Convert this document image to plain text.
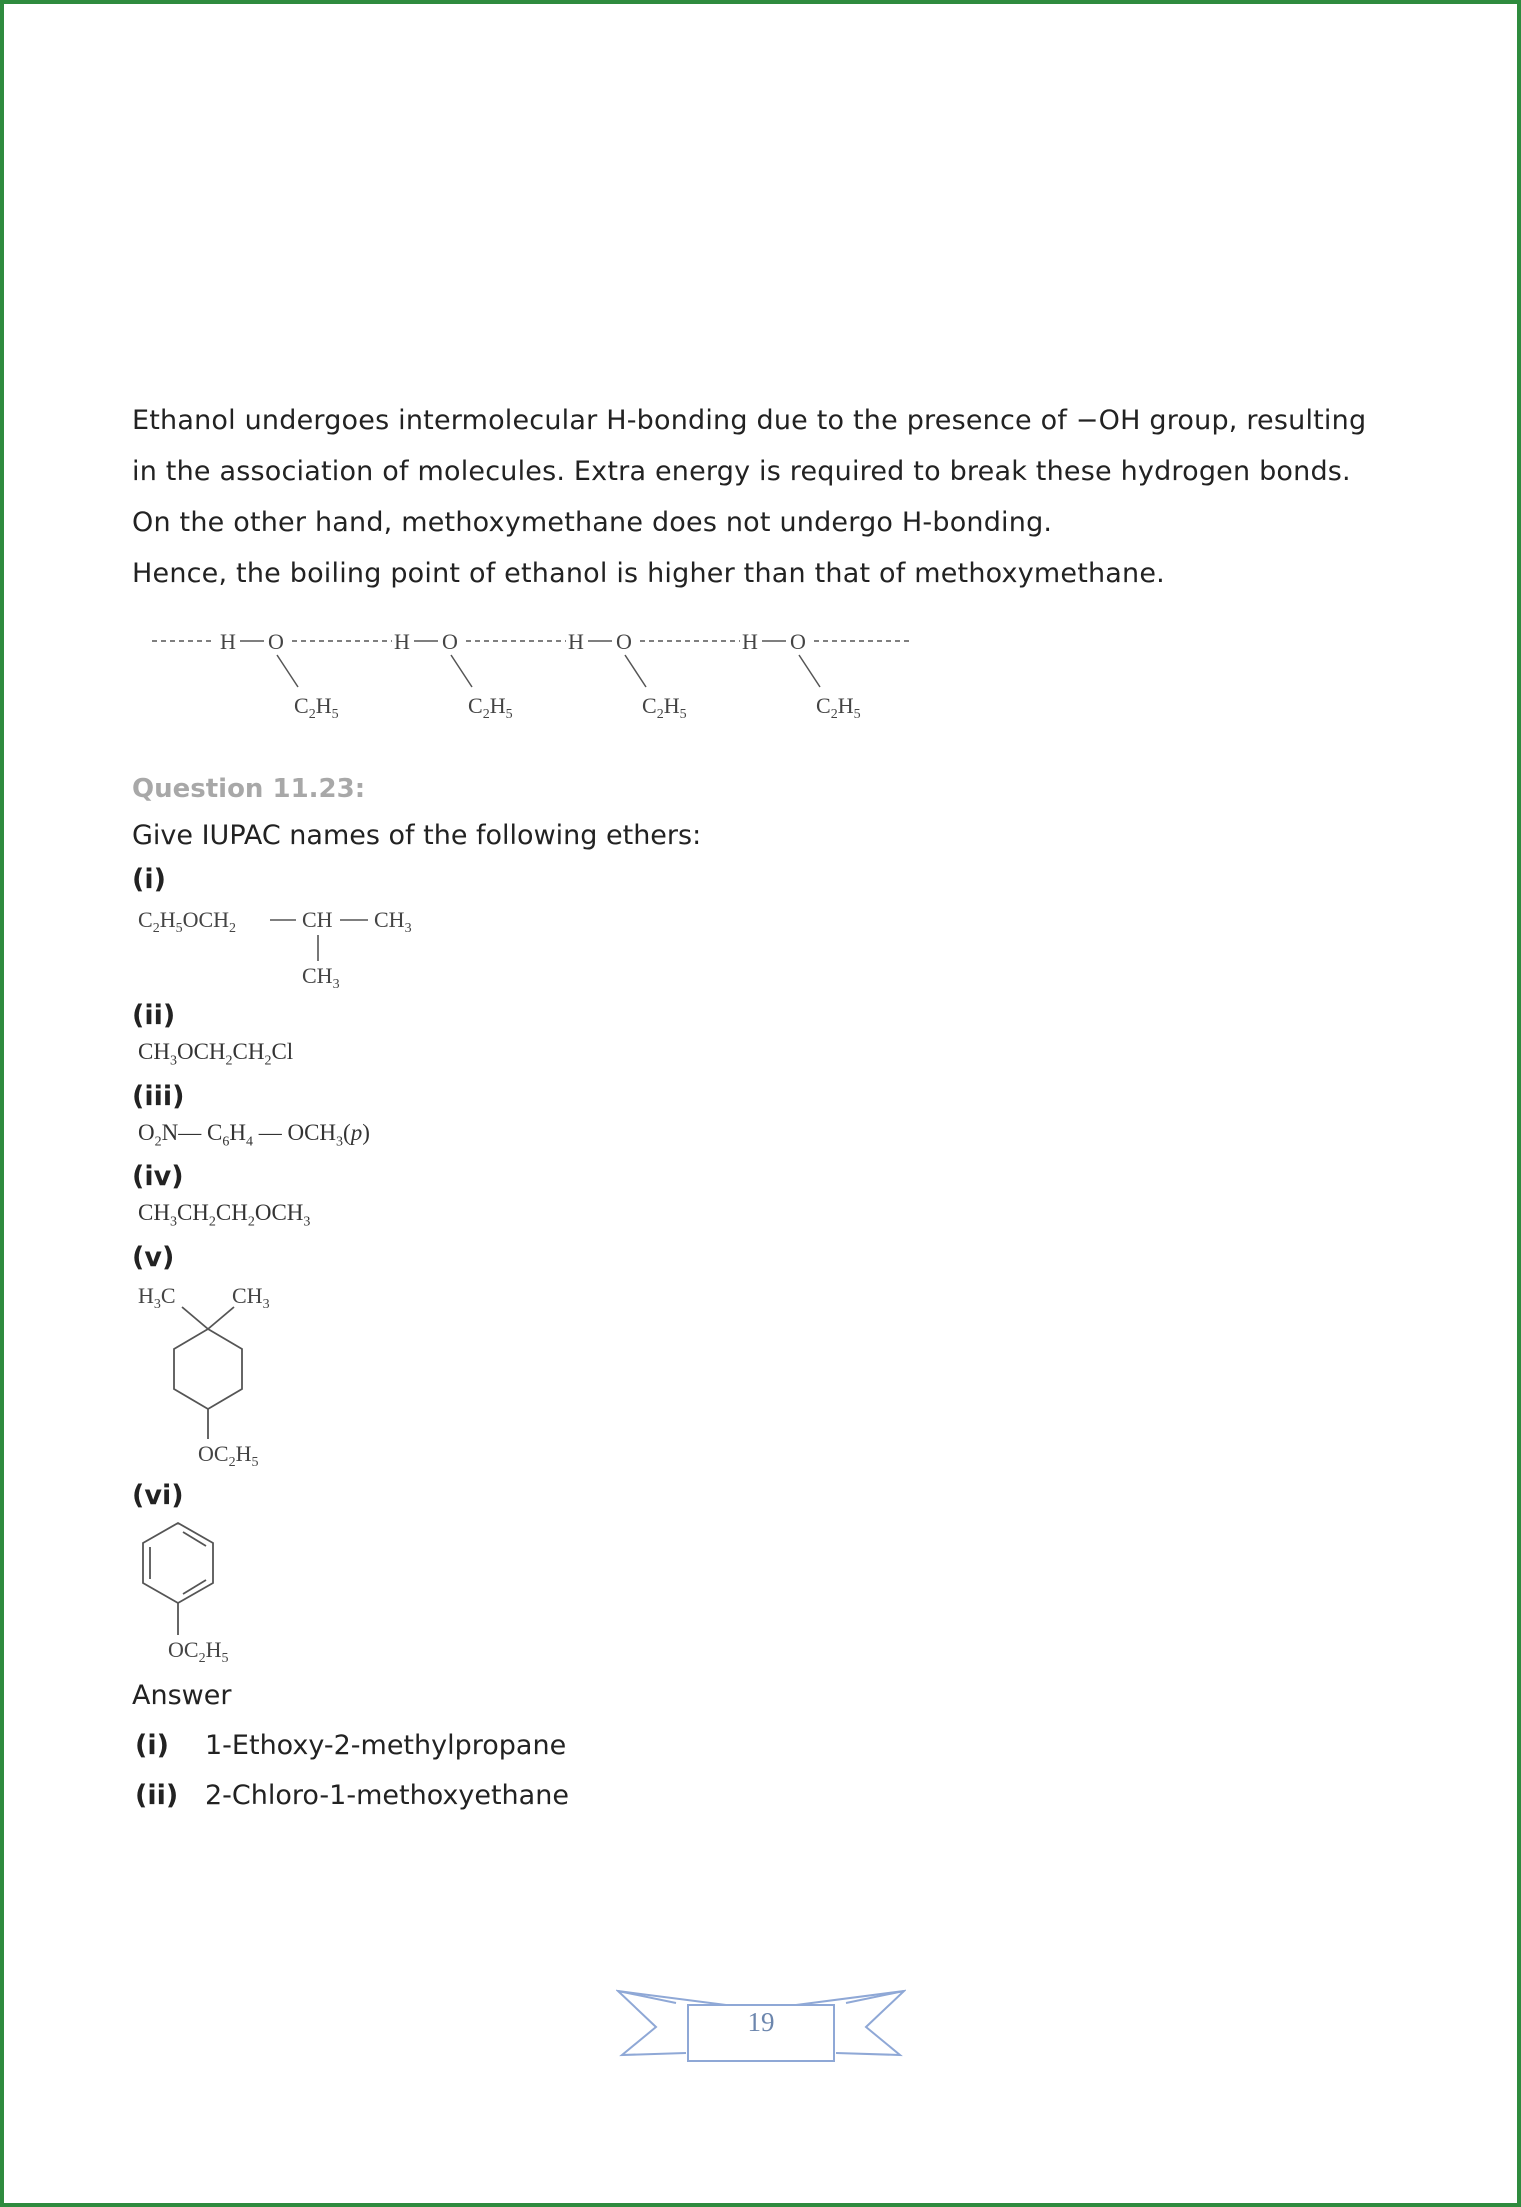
Ethanol undergoes intermolecular H-bonding due to the presence of −OH group, resulting

in the association of molecules. Extra energy is required to break these hydrogen bonds.

On the other hand, methoxymethane does not undergo H-bonding.

Hence, the boiling point of ethanol is higher than that of methoxymethane.

H O	H O	H O	H O
$C_2H_5$	$C_2H_5$	$C_2H_5$	$C_2H_5$

Question 11.23:

Give IUPAC names of the following ethers:

(i)

$C_2H_5OCH_2$	CH $CH_3$
$CH_3$

(ii)

$CH_3OCH_2CH_2Cl$

(iii)

$O_2N—$ $C_6H_4$ — $OCH_3(p)$

(iv)

$CH_3CH_2CH_2OCH_3$

(v)

$H_3C$	$CH_3$
$OC_2H_5$

(vi)

$OC_2H_5$

Answer

(i)	1-Ethoxy-2-methylpropane
(ii) 2-Chloro-1-methoxyethane
19
